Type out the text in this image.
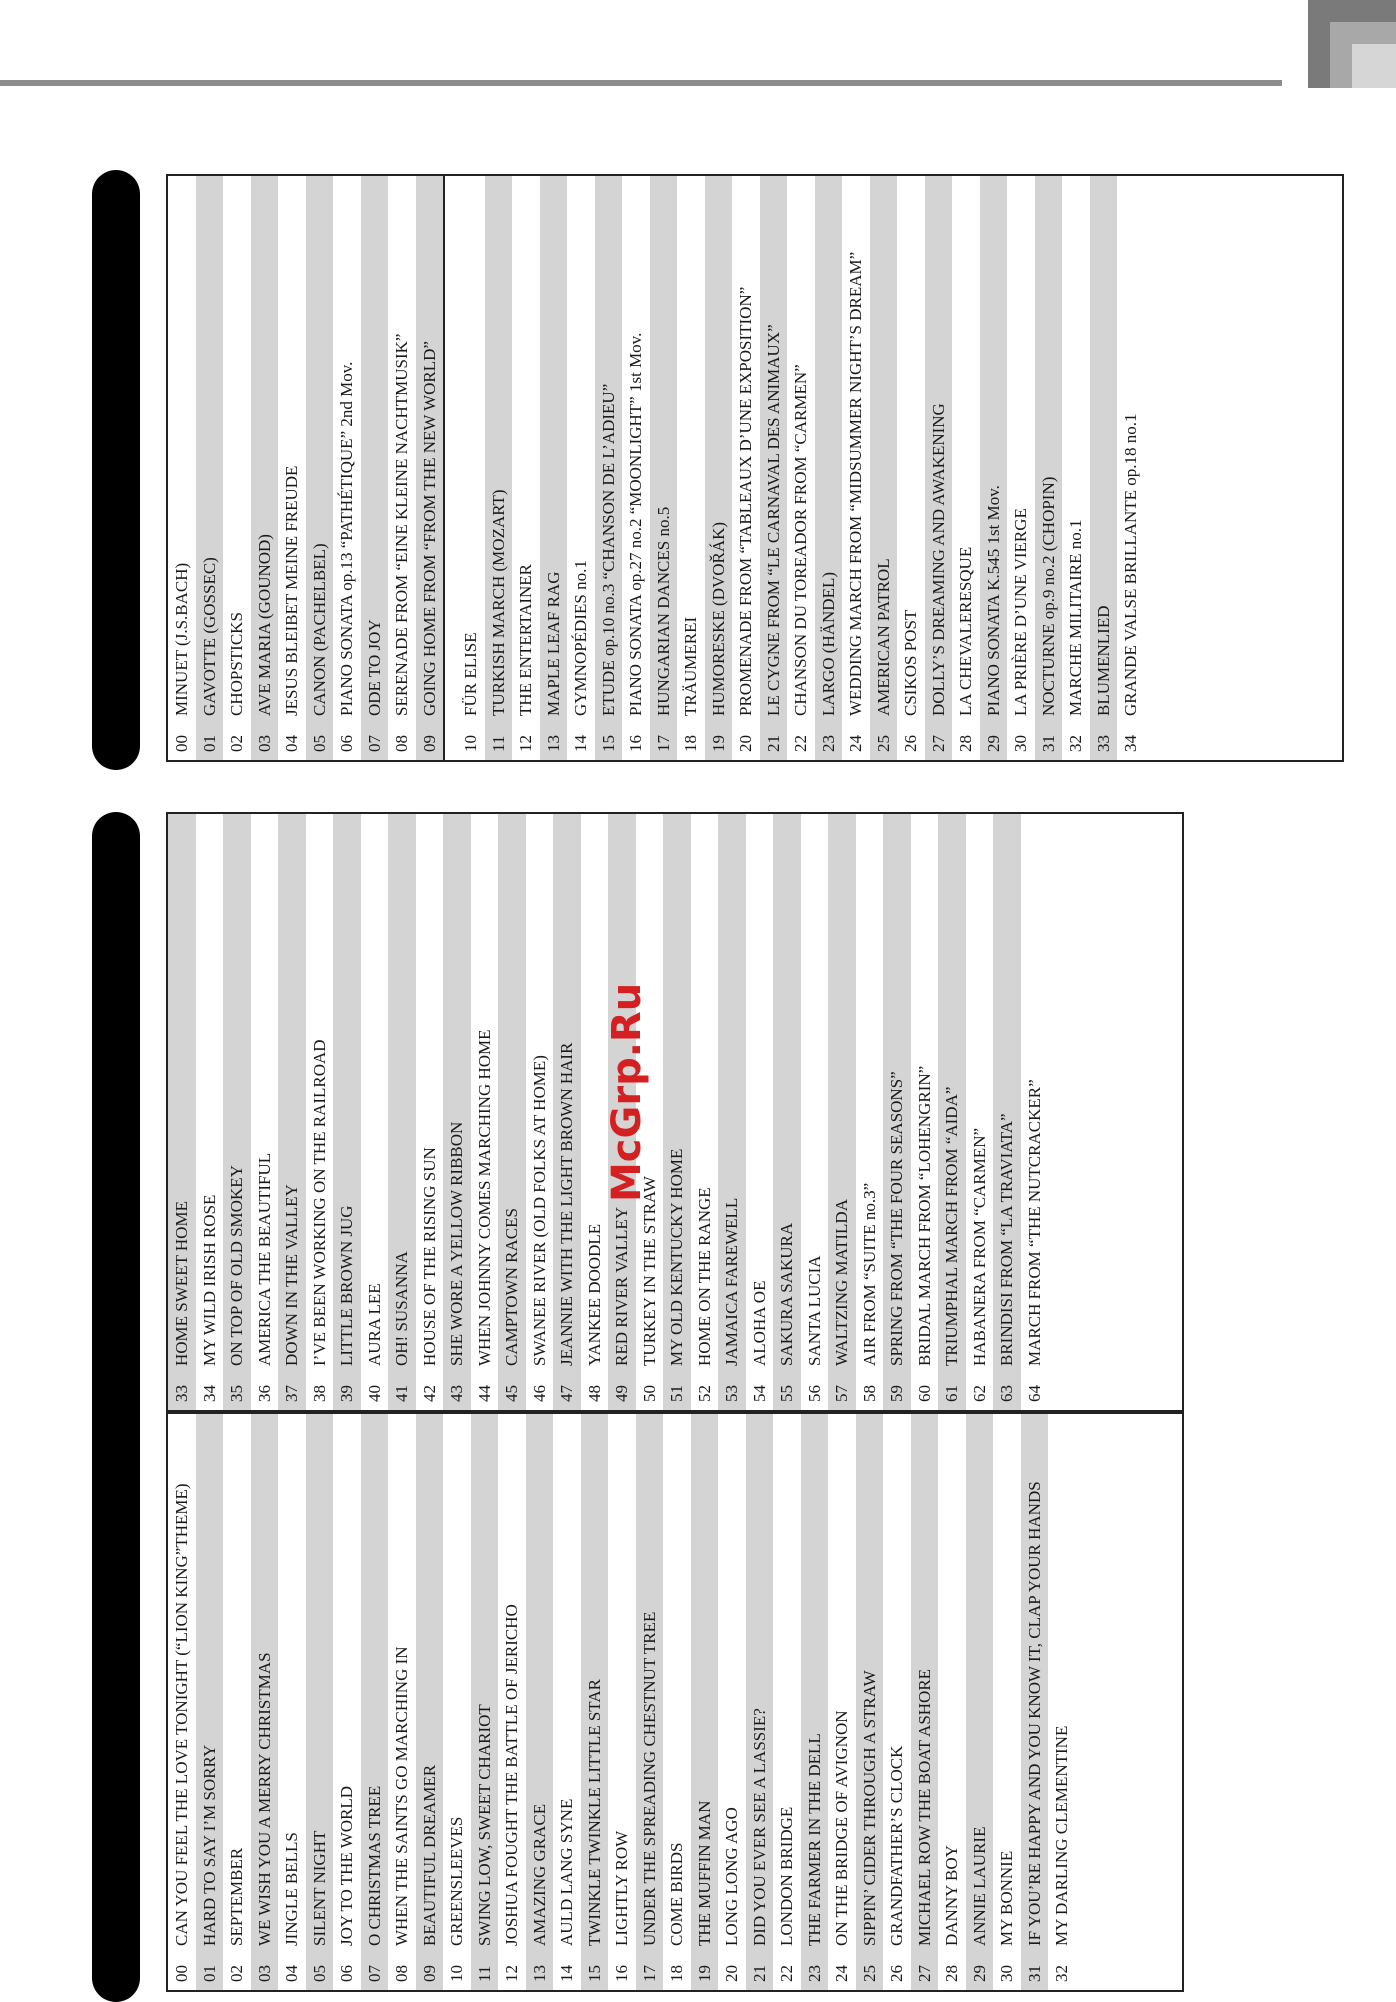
00
CAN YOU FEEL THE LOVE TONIGHT (“LION KING”THEME)
01
HARD TO SAY I’M SORRY
02
SEPTEMBER
03
WE WISH YOU A MERRY CHRISTMAS
04
JINGLE BELLS
05
SILENT NIGHT
06
JOY TO THE WORLD
07
O CHRISTMAS TREE
08
WHEN THE SAINTS GO MARCHING IN
09
BEAUTIFUL DREAMER
10
GREENSLEEVES
11
SWING LOW, SWEET CHARIOT
12
JOSHUA FOUGHT THE BATTLE OF JERICHO
13
AMAZING GRACE
14
AULD LANG SYNE
15
TWINKLE TWINKLE LITTLE STAR
16
LIGHTLY ROW
17
UNDER THE SPREADING CHESTNUT TREE
18
COME BIRDS
19
THE MUFFIN MAN
20
LONG LONG AGO
21
DID YOU EVER SEE A LASSIE?
22
LONDON BRIDGE
23
THE FARMER IN THE DELL
24
ON THE BRIDGE OF AVIGNON
25
SIPPIN’ CIDER THROUGH A STRAW
26
GRANDFATHER’S CLOCK
27
MICHAEL ROW THE BOAT ASHORE
28
DANNY BOY
29
ANNIE LAURIE
30
MY BONNIE
31
IF YOU’RE HAPPY AND YOU KNOW IT, CLAP YOUR HANDS
32
MY DARLING CLEMENTINE
33
HOME SWEET HOME
34
MY WILD IRISH ROSE
35
ON TOP OF OLD SMOKEY
36
AMERICA THE BEAUTIFUL
37
DOWN IN THE VALLEY
38
I’VE BEEN WORKING ON THE RAILROAD
39
LITTLE BROWN JUG
40
AURA LEE
41
OH! SUSANNA
42
HOUSE OF THE RISING SUN
43
SHE WORE A YELLOW RIBBON
44
WHEN JOHNNY COMES MARCHING HOME
45
CAMPTOWN RACES
46
SWANEE RIVER (OLD FOLKS AT HOME)
47
JEANNIE WITH THE LIGHT BROWN HAIR
48
YANKEE DOODLE
49
RED RIVER VALLEY
50
TURKEY IN THE STRAW
51
MY OLD KENTUCKY HOME
52
HOME ON THE RANGE
53
JAMAICA FAREWELL
54
ALOHA OE
55
SAKURA SAKURA
56
SANTA LUCIA
57
WALTZING MATILDA
58
AIR FROM “SUITE no.3”
59
SPRING FROM “THE FOUR SEASONS”
60
BRIDAL MARCH FROM “LOHENGRIN”
61
TRIUMPHAL MARCH FROM “AIDA”
62
HABANERA FROM “CARMEN”
63
BRINDISI FROM “LA TRAVIATA”
64
MARCH FROM “THE NUTCRACKER”
00
MINUET (J.S.BACH)
01
GAVOTTE (GOSSEC)
02
CHOPSTICKS
03
AVE MARIA (GOUNOD)
04
JESUS BLEIBET MEINE FREUDE
05
CANON (PACHELBEL)
06
PIANO SONATA op.13 “PATHÉTIQUE” 2nd Mov.
07
ODE TO JOY
08
SERENADE FROM “EINE KLEINE NACHTMUSIK”
09
GOING HOME FROM “FROM THE NEW WORLD”
10
FÜR ELISE
11
TURKISH MARCH (MOZART)
12
THE ENTERTAINER
13
MAPLE LEAF RAG
14
GYMNOPÉDIES no.1
15
ETUDE op.10 no.3 “CHANSON DE L’ADIEU”
16
PIANO SONATA op.27 no.2 “MOONLIGHT” 1st Mov.
17
HUNGARIAN DANCES no.5
18
TRÄUMEREI
19
HUMORESKE (DVOŘÁK)
20
PROMENADE FROM “TABLEAUX D’UNE EXPOSITION”
21
LE CYGNE FROM “LE CARNAVAL DES ANIMAUX”
22
CHANSON DU TOREADOR FROM “CARMEN”
23
LARGO (HÄNDEL)
24
WEDDING MARCH FROM “MIDSUMMER NIGHT’S DREAM”
25
AMERICAN PATROL
26
CSIKOS POST
27
DOLLY’S DREAMING AND AWAKENING
28
LA CHEVALERESQUE
29
PIANO SONATA K.545 1st Mov.
30
LA PRIÈRE D’UNE VIERGE
31
NOCTURNE op.9 no.2 (CHOPIN)
32
MARCHE MILITAIRE no.1
33
BLUMENLIED
34
GRANDE VALSE BRILLANTE op.18 no.1
McGrp.Ru
